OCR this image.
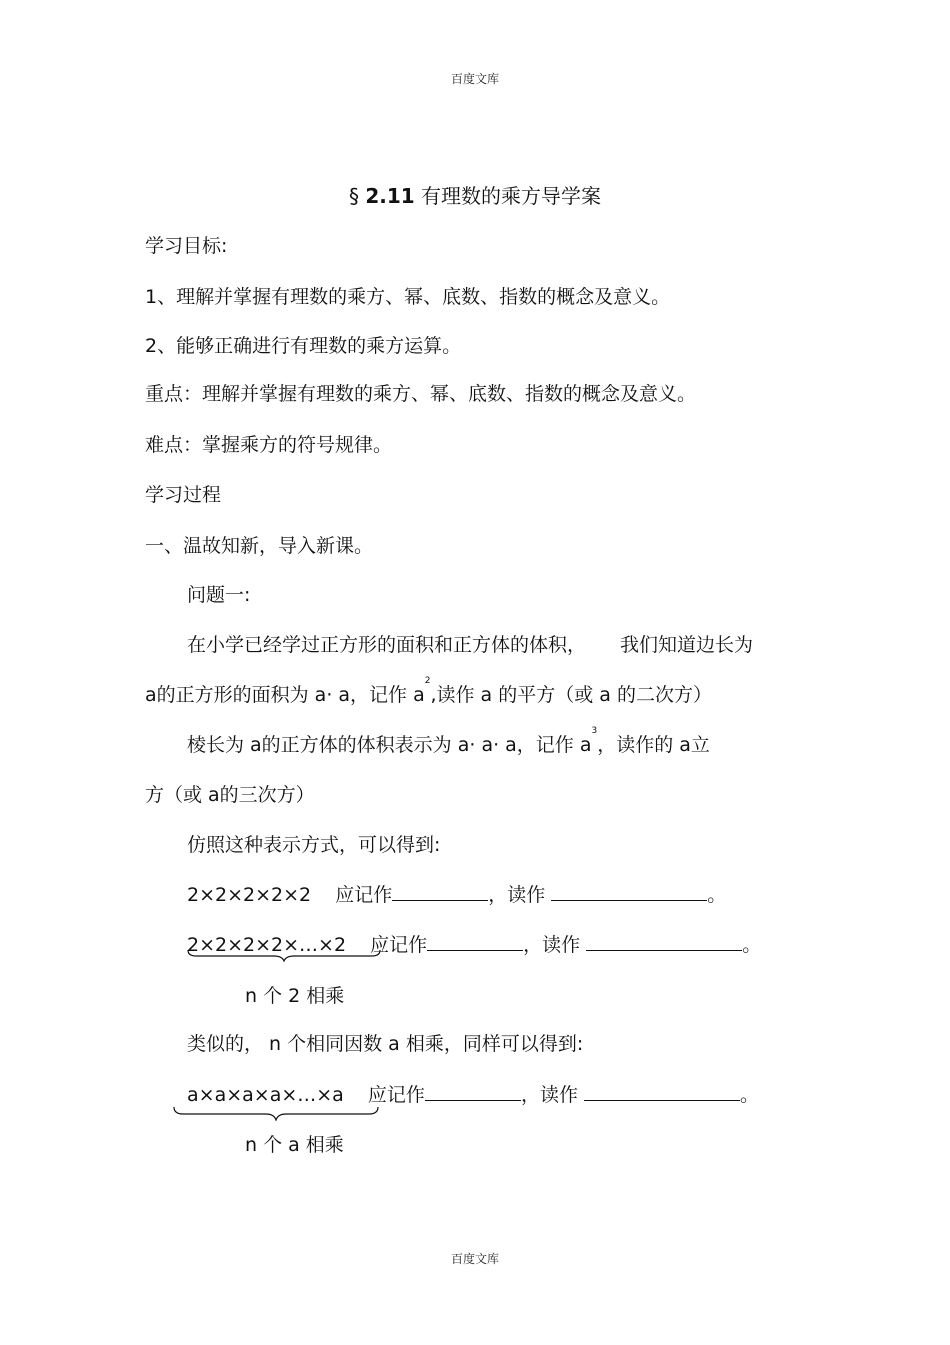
百度文库
§ 2.11 有理数的乘方导学案
学习目标:
1、理解并掌握有理数的乘方、幂、底数、指数的概念及意义。
2、能够正确进行有理数的乘方运算。
重点：理解并掌握有理数的乘方、幂、底数、指数的概念及意义。
难点：掌握乘方的符号规律。
学习过程
一、温故知新，导入新课。
问题一:
在小学已经学过正方形的面积和正方体的体积， 我们知道边长为
a的正方形的面积为 a· a，记作 $a^2$,读作 a 的平方（或 a 的二次方）
棱长为 a的正方体的体积表示为 a· a· a，记作 $a^3$，读作的 a立
方（或 a的三次方）
仿照这种表示方式，可以得到:
2×2×2×2×2 应记作	，读作	。
2×2×2×2×…×2 应记作	，读作	。
n 个 2 相乘
类似的， n 个相同因数 a 相乘，同样可以得到:
a×a×a×a×…×a 应记作	，读作	。
n 个 a 相乘
百度文库
